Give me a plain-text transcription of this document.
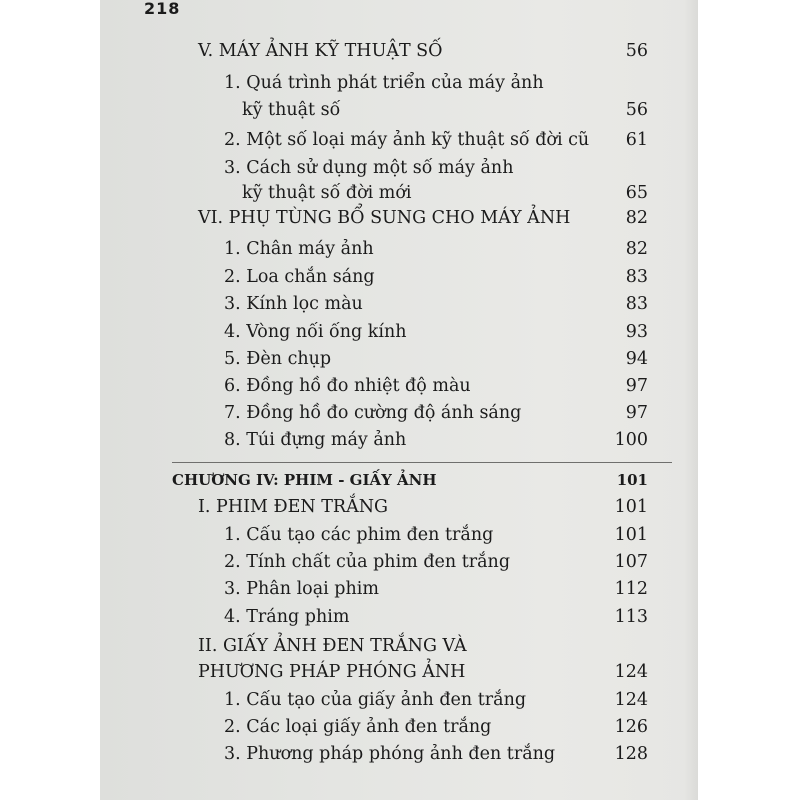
218
V. MÁY ẢNH KỸ THUẬT SỐ	56
1. Quá trình phát triển của máy ảnh
kỹ thuật số	56
2. Một số loại máy ảnh kỹ thuật số đời cũ	61
3. Cách sử dụng một số máy ảnh
kỹ thuật số đời mới	65
VI. PHỤ TÙNG BỔ SUNG CHO MÁY ẢNH	82
1. Chân máy ảnh	82
2. Loa chắn sáng	83
3. Kính lọc màu	83
4. Vòng nối ống kính	93
5. Đèn chụp	94
6. Đồng hồ đo nhiệt độ màu	97
7. Đồng hồ đo cường độ ánh sáng	97
8. Túi đựng máy ảnh	100
CHƯƠNG IV: PHIM - GIẤY ẢNH	101
I. PHIM ĐEN TRẮNG	101
1. Cấu tạo các phim đen trắng	101
2. Tính chất của phim đen trắng	107
3. Phân loại phim	112
4. Tráng phim	113
II. GIẤY ẢNH ĐEN TRẮNG VÀ
PHƯƠNG PHÁP PHÓNG ẢNH	124
1. Cấu tạo của giấy ảnh đen trắng	124
2. Các loại giấy ảnh đen trắng	126
3. Phương pháp phóng ảnh đen trắng	128
